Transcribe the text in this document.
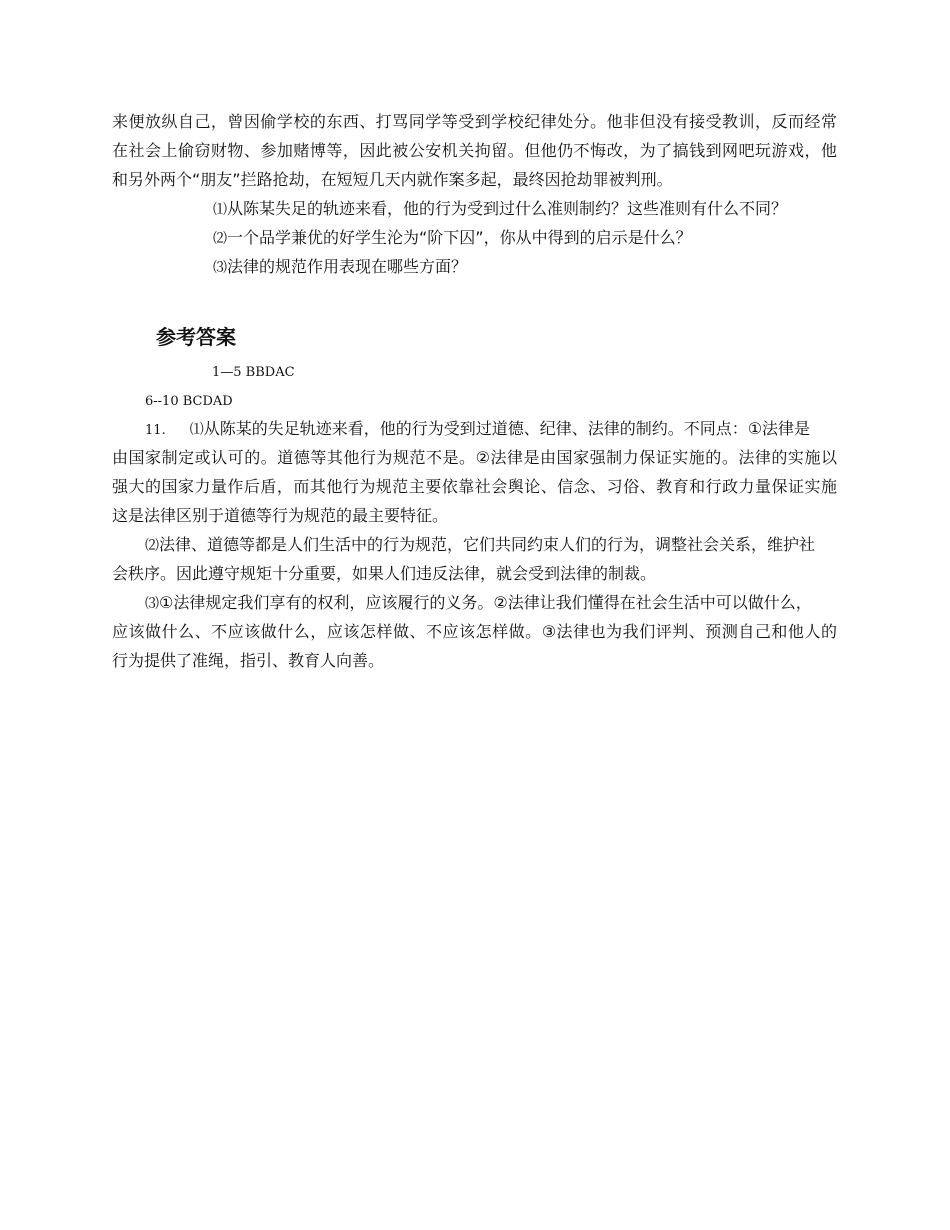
来便放纵自己，曾因偷学校的东西、打骂同学等受到学校纪律处分。他非但没有接受教训，反而经常
在社会上偷窃财物、参加赌博等，因此被公安机关拘留。但他仍不悔改，为了搞钱到网吧玩游戏，他
和另外两个“朋友”拦路抢劫，在短短几天内就作案多起，最终因抢劫罪被判刑。
⑴从陈某失足的轨迹来看，他的行为受到过什么准则制约？这些准则有什么不同？
⑵一个品学兼优的好学生沦为“阶下囚”，你从中得到的启示是什么？
⑶法律的规范作用表现在哪些方面？
参考答案
1—5 BBDAC
6--10 BCDAD
11. ⑴从陈某的失足轨迹来看，他的行为受到过道德、纪律、法律的制约。不同点：①法律是
由国家制定或认可的。道德等其他行为规范不是。②法律是由国家强制力保证实施的。法律的实施以
强大的国家力量作后盾，而其他行为规范主要依靠社会舆论、信念、习俗、教育和行政力量保证实施
这是法律区别于道德等行为规范的最主要特征。
⑵法律、道德等都是人们生活中的行为规范，它们共同约束人们的行为，调整社会关系，维护社
会秩序。因此遵守规矩十分重要，如果人们违反法律，就会受到法律的制裁。
⑶①法律规定我们享有的权利，应该履行的义务。②法律让我们懂得在社会生活中可以做什么，
应该做什么、不应该做什么，应该怎样做、不应该怎样做。③法律也为我们评判、预测自己和他人的
行为提供了准绳，指引、教育人向善。
